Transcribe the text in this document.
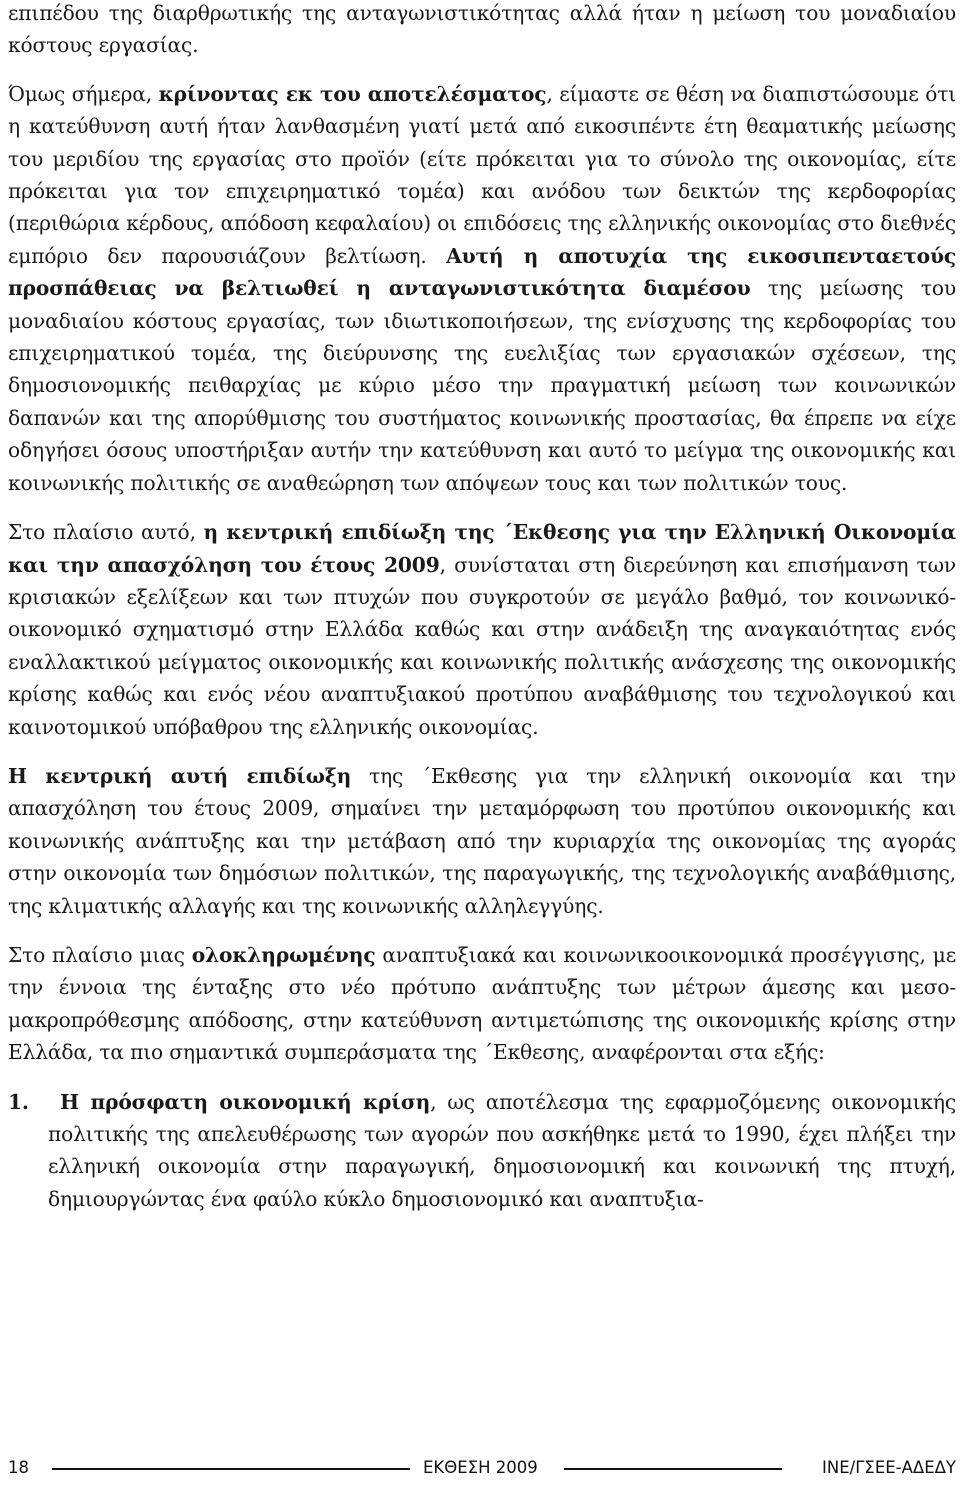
επιπέδου της διαρθρωτικής της ανταγωνιστικότητας αλλά ήταν η μείωση του μοναδιαίου κόστους εργασίας.

Όμως σήμερα, κρίνοντας εκ του αποτελέσματος, είμαστε σε θέση να διαπιστώσουμε ότι η κατεύθυνση αυτή ήταν λανθασμένη γιατί μετά από εικοσιπέντε έτη θεαματικής μείωσης του μεριδίου της εργασίας στο προϊόν (είτε πρόκειται για το σύνολο της οικονομίας, είτε πρόκειται για τον επιχειρηματικό τομέα) και ανόδου των δεικτών της κερδοφορίας (περιθώρια κέρδους, απόδοση κεφαλαίου) οι επιδόσεις της ελληνικής οικονομίας στο διεθνές εμπόριο δεν παρουσιάζουν βελτίωση. Αυτή η αποτυχία της εικοσιπενταετούς προσπάθειας να βελτιωθεί η ανταγωνιστικότητα διαμέσου της μείωσης του μοναδιαίου κόστους εργασίας, των ιδιωτικοποιήσεων, της ενίσχυσης της κερδοφορίας του επιχειρηματικού τομέα, της διεύρυνσης της ευελιξίας των εργασιακών σχέσεων, της δημοσιονομικής πειθαρχίας με κύριο μέσο την πραγματική μείωση των κοινωνικών δαπανών και της απορύθμισης του συστήματος κοινωνικής προστασίας, θα έπρεπε να είχε οδηγήσει όσους υποστήριξαν αυτήν την κατεύθυνση και αυτό το μείγμα της οικονομικής και κοινωνικής πολιτικής σε αναθεώρηση των απόψεων τους και των πολιτικών τους.

Στο πλαίσιο αυτό, η κεντρική επιδίωξη της ΄Εκθεσης για την Ελληνική Οικονομία και την απασχόληση του έτους 2009, συνίσταται στη διερεύνηση και επισήμανση των κρισιακών εξελίξεων και των πτυχών που συγκροτούν σε μεγάλο βαθμό, τον κοινωνικό-οικονομικό σχηματισμό στην Ελλάδα καθώς και στην ανάδειξη της αναγκαιότητας ενός εναλλακτικού μείγματος οικονομικής και κοινωνικής πολιτικής ανάσχεσης της οικονομικής κρίσης καθώς και ενός νέου αναπτυξιακού προτύπου αναβάθμισης του τεχνολογικού και καινοτομικού υπόβαθρου της ελληνικής οικονομίας.

Η κεντρική αυτή επιδίωξη της ΄Εκθεσης για την ελληνική οικονομία και την απασχόληση του έτους 2009, σημαίνει την μεταμόρφωση του προτύπου οικονομικής και κοινωνικής ανάπτυξης και την μετάβαση από την κυριαρχία της οικονομίας της αγοράς στην οικονομία των δημόσιων πολιτικών, της παραγωγικής, της τεχνολογικής αναβάθμισης, της κλιματικής αλλαγής και της κοινωνικής αλληλεγγύης.

Στο πλαίσιο μιας ολοκληρωμένης αναπτυξιακά και κοινωνικοοικονομικά προσέγγισης, με την έννοια της ένταξης στο νέο πρότυπο ανάπτυξης των μέτρων άμεσης και μεσο-μακροπρόθεσμης απόδοσης, στην κατεύθυνση αντιμετώπισης της οικονομικής κρίσης στην Ελλάδα, τα πιο σημαντικά συμπεράσματα της ΄Εκθεσης, αναφέρονται στα εξής:

1. Η πρόσφατη οικονομική κρίση, ως αποτέλεσμα της εφαρμοζόμενης οικονομικής πολιτικής της απελευθέρωσης των αγορών που ασκήθηκε μετά το 1990, έχει πλήξει την ελληνική οικονομία στην παραγωγική, δημοσιονομική και κοινωνική της πτυχή, δημιουργώντας ένα φαύλο κύκλο δημοσιονομικό και αναπτυξια-
18	ΕΚΘΕΣΗ 2009	ΙΝΕ/ΓΣΕΕ-ΑΔΕΔΥ
